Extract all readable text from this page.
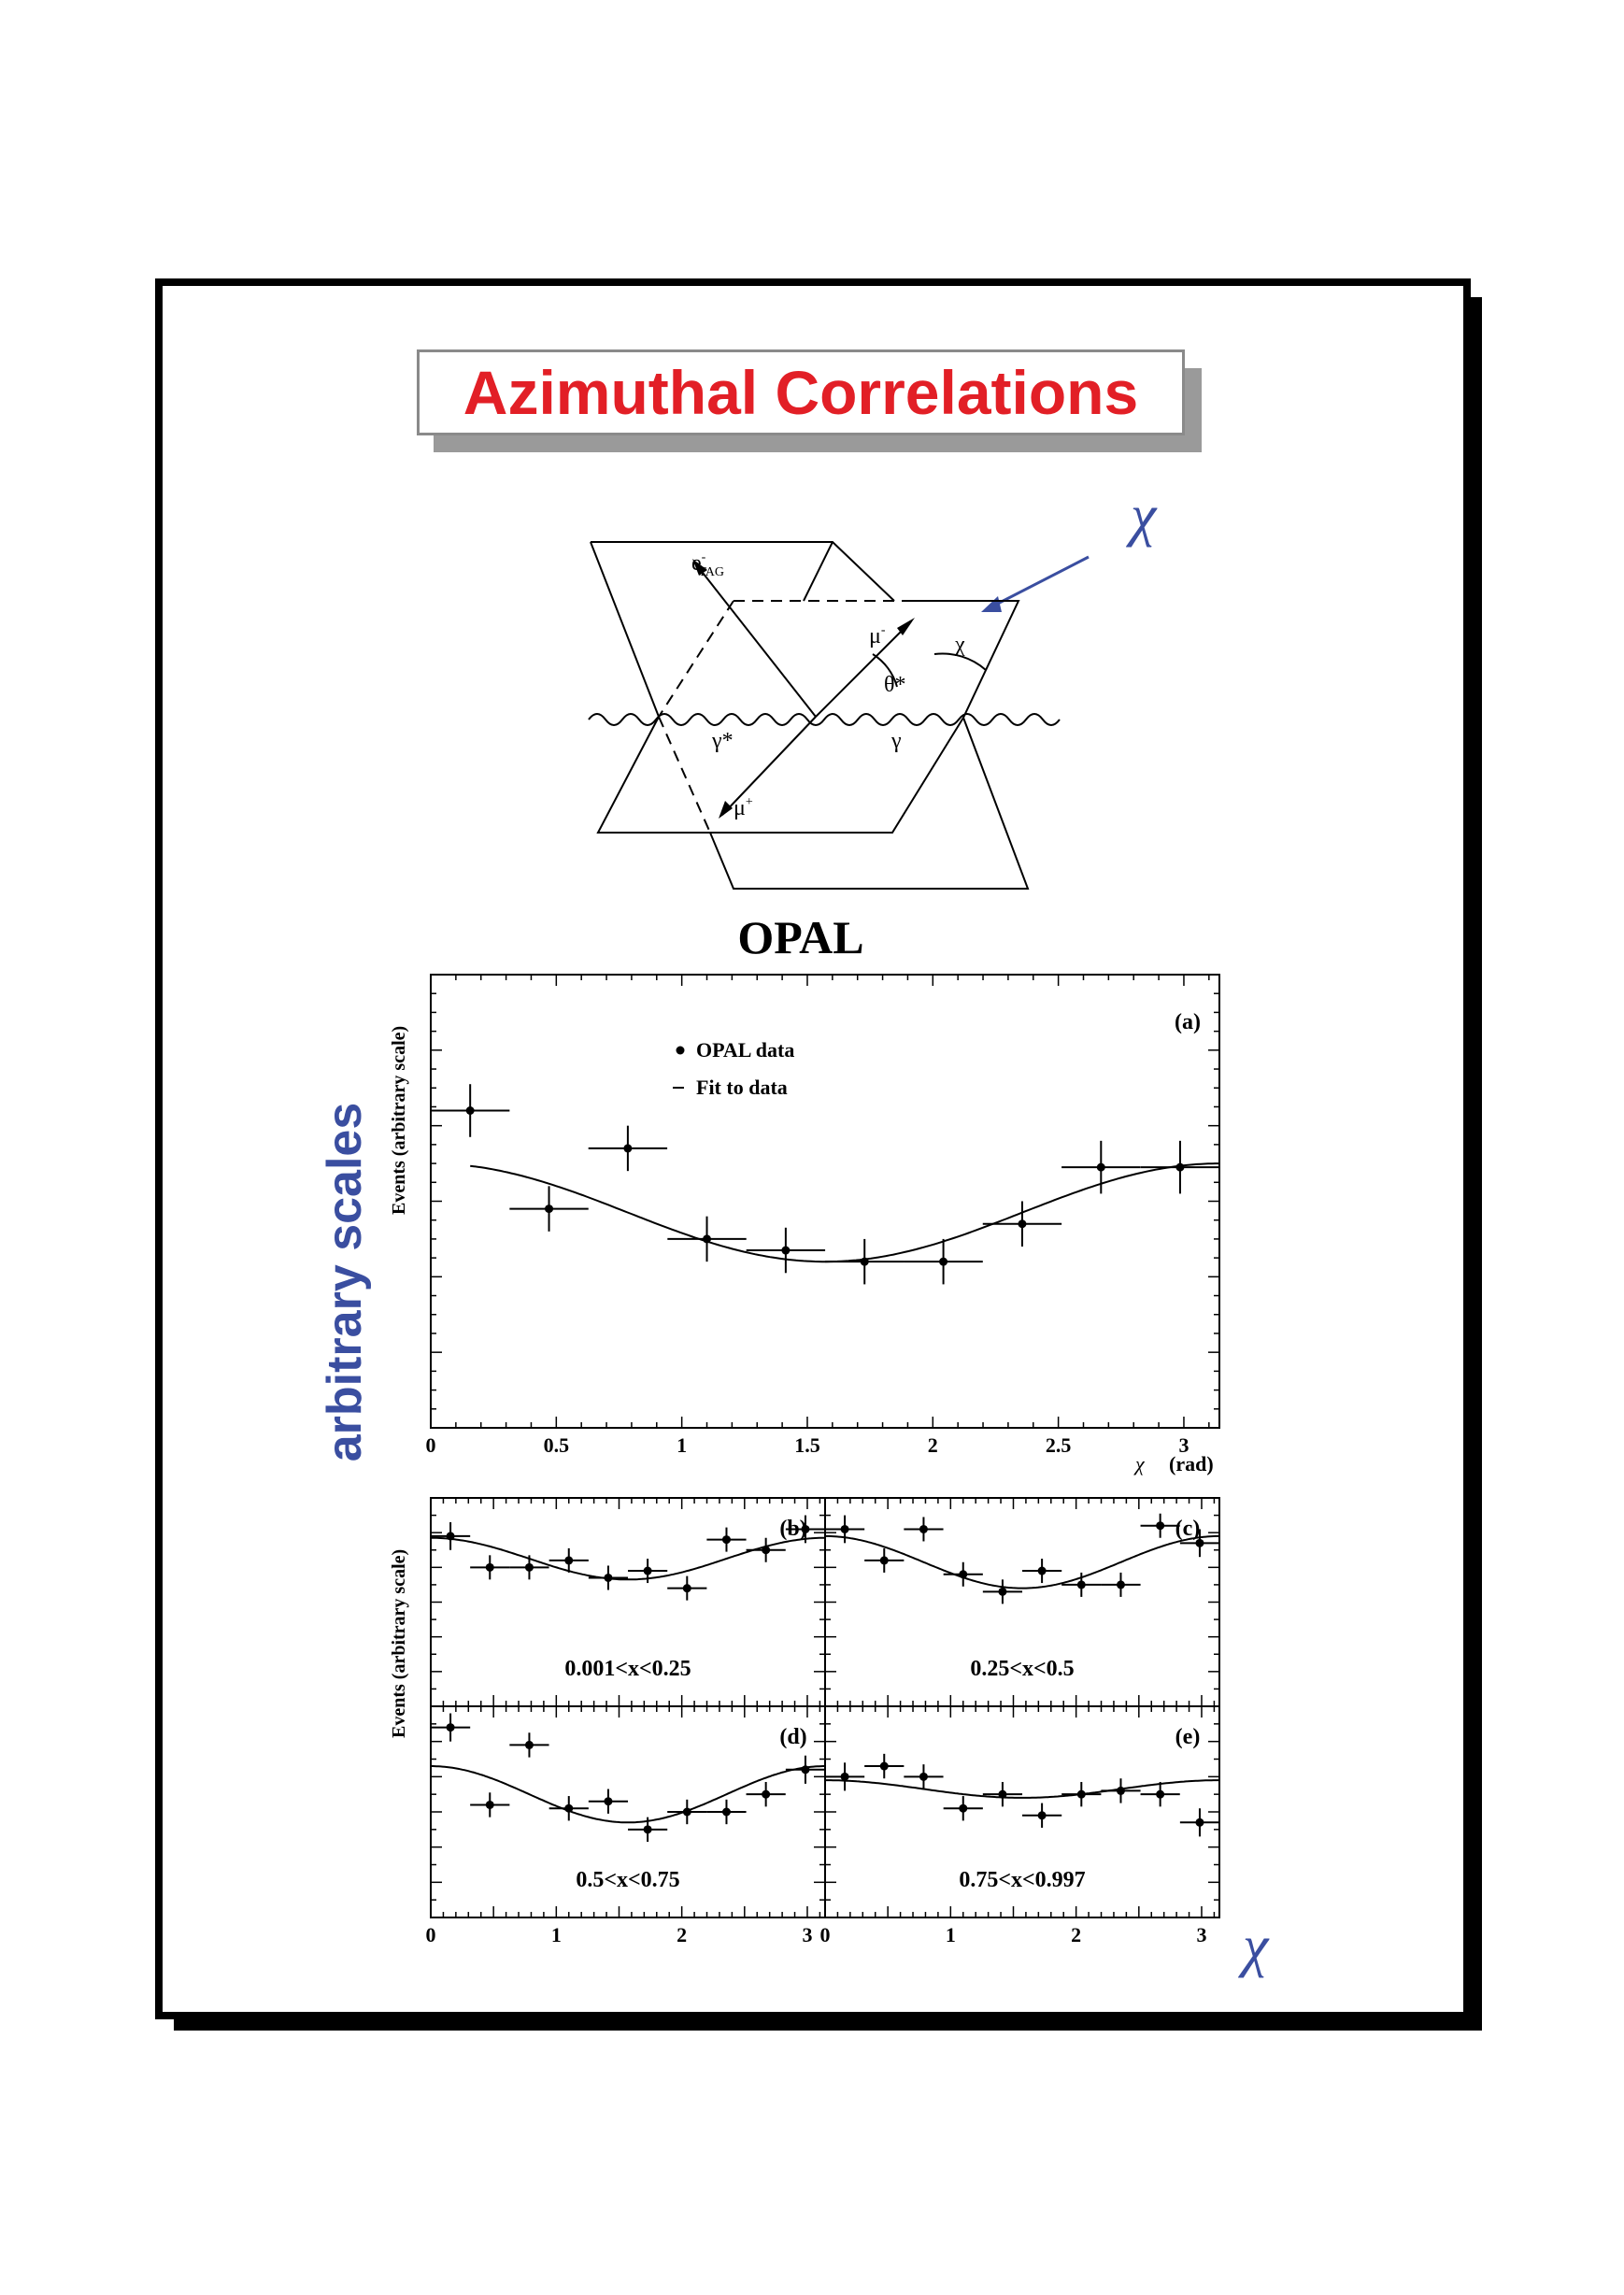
Azimuthal Correlations
arbitrary scales
χ
e-TAG
μ-
χ
θ*
γ*	γ
μ+
OPAL
Events (arbitrary scale)
Events (arbitrary scale)
0	0.5	1	1.5	2	2.5	3
(a)
OPAL data
Fit to data
χ (rad)
(b)
0.001<x<0.25
(c)
0.25<x<0.5
0	1	2	3
(d)
0.5<x<0.75
0	1	2	3
(e)
0.75<x<0.997
χ
